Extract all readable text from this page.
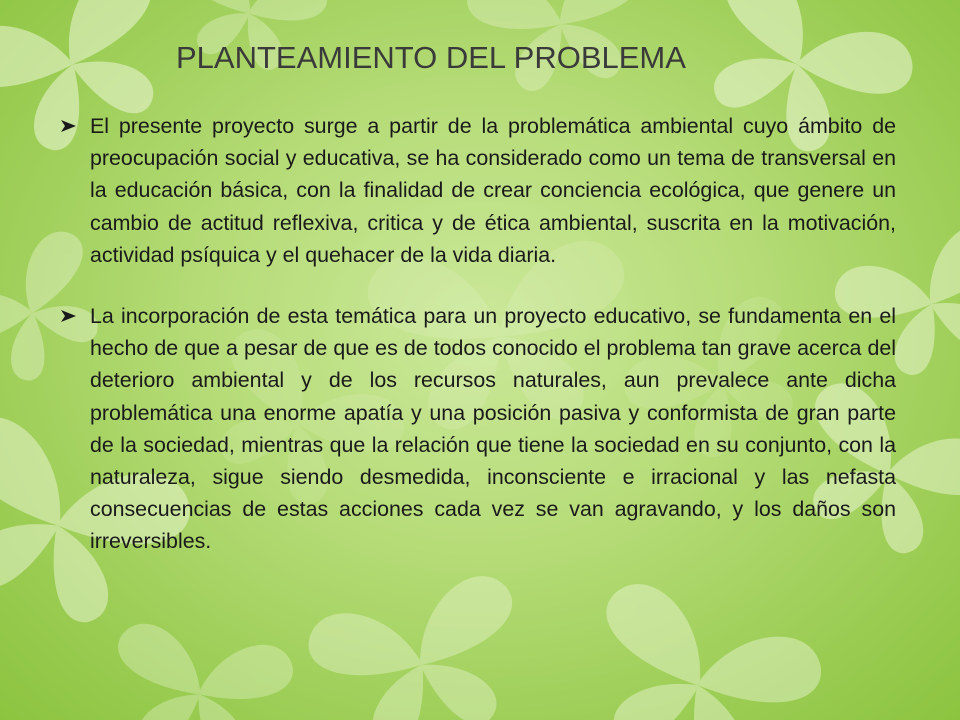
PLANTEAMIENTO DEL PROBLEMA

El presente proyecto surge a partir de la problemática ambiental cuyo ámbito de preocupación social y educativa, se ha considerado como un tema de transversal en la educación básica, con la finalidad de crear conciencia ecológica, que genere un cambio de actitud reflexiva, critica y de ética ambiental, suscrita en la motivación, actividad psíquica y el quehacer de la vida diaria.

La incorporación de esta temática para un proyecto educativo, se fundamenta en el hecho de que a pesar de que es de todos conocido el problema tan grave acerca del deterioro ambiental y de los recursos naturales, aun prevalece ante dicha problemática una enorme apatía y una posición pasiva y conformista de gran parte de la sociedad, mientras que la relación que tiene la sociedad en su conjunto, con la naturaleza, sigue siendo desmedida, inconsciente e irracional y las nefasta consecuencias de estas acciones cada vez se van agravando, y los daños son irreversibles.
